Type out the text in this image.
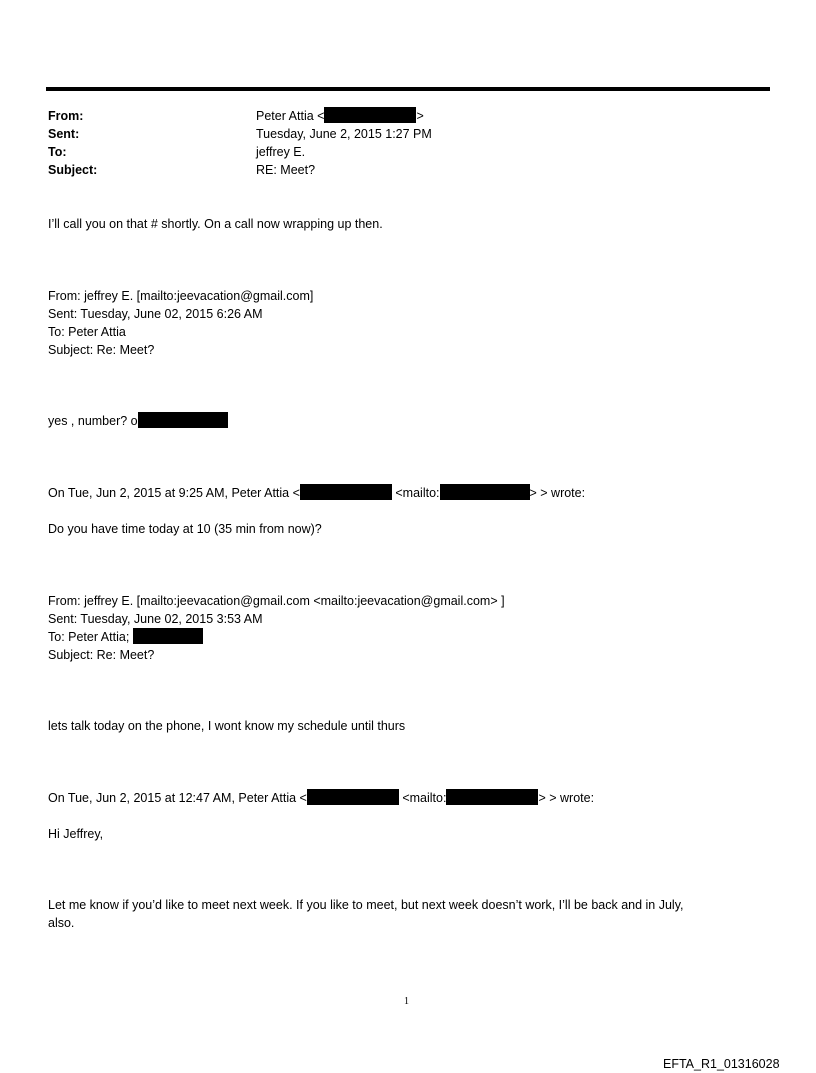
From:	Peter Attia <	>
Sent:	Tuesday, June 2, 2015 1:27 PM
To:	jeffrey E.
Subject:	RE: Meet?
I’ll call you on that # shortly. On a call now wrapping up then.
From: jeffrey E. [mailto:jeevacation@gmail.com]
Sent: Tuesday, June 02, 2015 6:26 AM
To: Peter Attia
Subject: Re: Meet?
yes , number? o
On Tue, Jun 2, 2015 at 9:25 AM, Peter Attia <	<mailto:	> > wrote:
Do you have time today at 10 (35 min from now)?
From: jeffrey E. [mailto:jeevacation@gmail.com <mailto:jeevacation@gmail.com> ]
Sent: Tuesday, June 02, 2015 3:53 AM
To: Peter Attia;
Subject: Re: Meet?
lets talk today on the phone, I wont know my schedule until thurs
On Tue, Jun 2, 2015 at 12:47 AM, Peter Attia <	<mailto:	> > wrote:
Hi Jeffrey,
Let me know if you’d like to meet next week. If you like to meet, but next week doesn’t work, I’ll be back and in July,
also.
1
EFTA_R1_01316028
